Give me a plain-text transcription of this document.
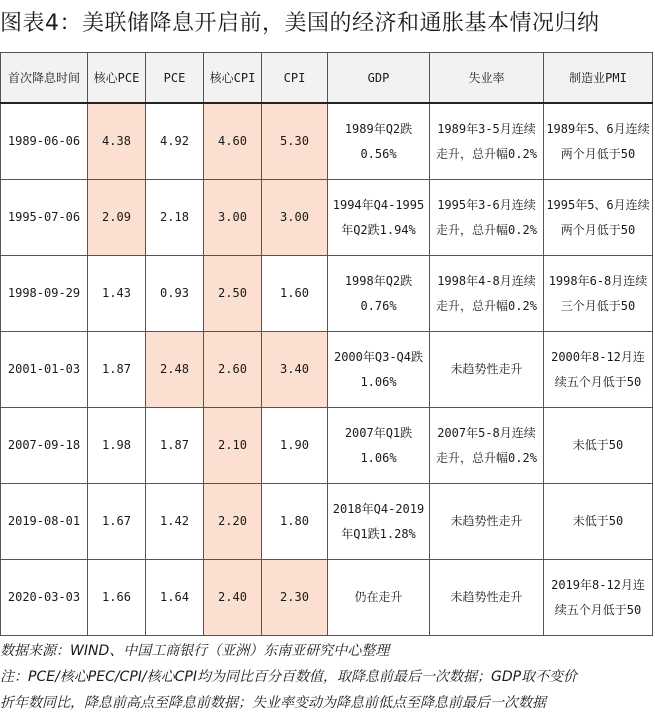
图表4：美联储降息开启前，美国的经济和通胀基本情况归纳
首次降息时间	核心PCE	PCE	核心CPI	CPI	GDP	失业率	制造业PMI
1989-06-06	4.38	4.92	4.60	5.30	1989年Q2跌0.56%	1989年3-5月连续走升，总升幅0.2%	1989年5、6月连续两个月低于50
1995-07-06	2.09	2.18	3.00	3.00	1994年Q4-1995年Q2跌1.94%	1995年3-6月连续走升，总升幅0.2%	1995年5、6月连续两个月低于50
1998-09-29	1.43	0.93	2.50	1.60	1998年Q2跌0.76%	1998年4-8月连续走升，总升幅0.2%	1998年6-8月连续三个月低于50
2001-01-03	1.87	2.48	2.60	3.40	2000年Q3-Q4跌1.06%	未趋势性走升	2000年8-12月连续五个月低于50
2007-09-18	1.98	1.87	2.10	1.90	2007年Q1跌1.06%	2007年5-8月连续走升，总升幅0.2%	未低于50
2019-08-01	1.67	1.42	2.20	1.80	2018年Q4-2019年Q1跌1.28%	未趋势性走升	未低于50
2020-03-03	1.66	1.64	2.40	2.30	仍在走升	未趋势性走升	2019年8-12月连续五个月低于50
数据来源：WIND、中国工商银行（亚洲）东南亚研究中心整理
注：PCE/核心PEC/CPI/核心CPI均为同比百分百数值，取降息前最后一次数据；GDP取不变价
折年数同比，降息前高点至降息前数据；失业率变动为降息前低点至降息前最后一次数据
